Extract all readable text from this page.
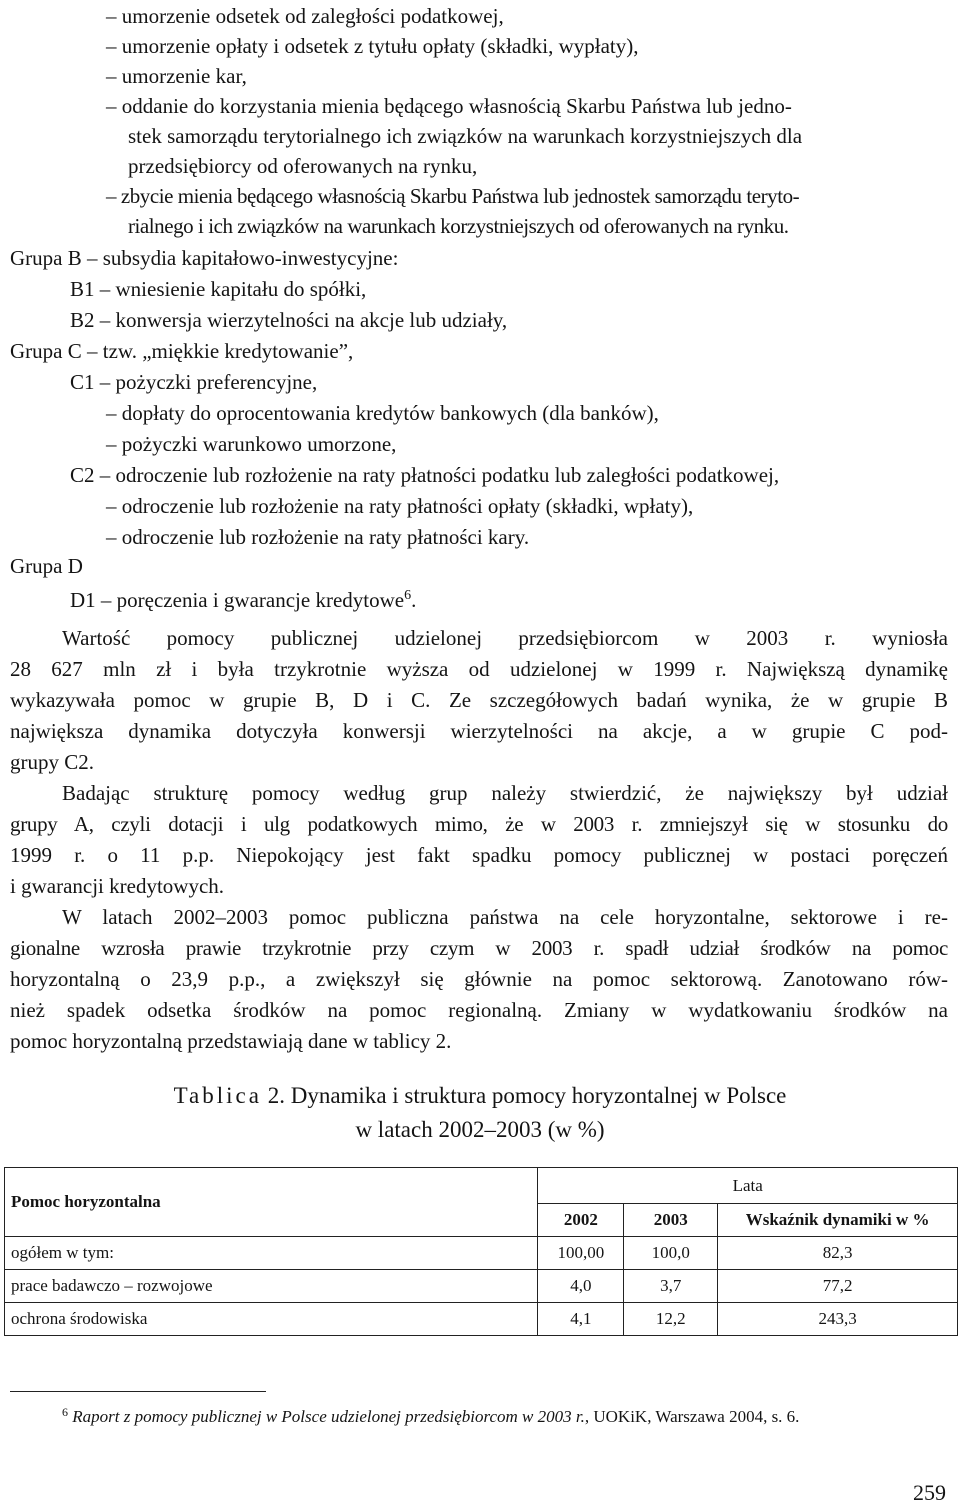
– umorzenie odsetek od zaległości podatkowej,
– umorzenie opłaty i odsetek z tytułu opłaty (składki, wypłaty),
– umorzenie kar,
– oddanie do korzystania mienia będącego własnością Skarbu Państwa lub jedno-
stek samorządu terytorialnego ich związków na warunkach korzystniejszych dla
przedsiębiorcy od oferowanych na rynku,
– zbycie mienia będącego własnością Skarbu Państwa lub jednostek samorządu teryto-
rialnego i ich związków na warunkach korzystniejszych od oferowanych na rynku.
Grupa B – subsydia kapitałowo-inwestycyjne:
B1 – wniesienie kapitału do spółki,
B2 – konwersja wierzytelności na akcje lub udziały,
Grupa C – tzw. „miękkie kredytowanie”,
C1 – pożyczki preferencyjne,
– dopłaty do oprocentowania kredytów bankowych (dla banków),
– pożyczki warunkowo umorzone,
C2 – odroczenie lub rozłożenie na raty płatności podatku lub zaległości podatkowej,
– odroczenie lub rozłożenie na raty płatności opłaty (składki, wpłaty),
– odroczenie lub rozłożenie na raty płatności kary.
Grupa D
D1 – poręczenia i gwarancje kredytowe$^6$.
Wartość pomocy publicznej udzielonej przedsiębiorcom w 2003 r. wyniosła
28 627 mln zł i była trzykrotnie wyższa od udzielonej w 1999 r. Największą dynamikę
wykazywała pomoc w grupie B, D i C. Ze szczegółowych badań wynika, że w grupie B
największa dynamika dotyczyła konwersji wierzytelności na akcje, a w grupie C pod-
grupy C2.
Badając strukturę pomocy według grup należy stwierdzić, że największy był udział
grupy A, czyli dotacji i ulg podatkowych mimo, że w 2003 r. zmniejszył się w stosunku do
1999 r. o 11 p.p. Niepokojący jest fakt spadku pomocy publicznej w postaci poręczeń
i gwarancji kredytowych.
W latach 2002–2003 pomoc publiczna państwa na cele horyzontalne, sektorowe i re-
gionalne wzrosła prawie trzykrotnie przy czym w 2003 r. spadł udział środków na pomoc
horyzontalną o 23,9 p.p., a zwiększył się głównie na pomoc sektorową. Zanotowano rów-
nież spadek odsetka środków na pomoc regionalną. Zmiany w wydatkowaniu środków na
pomoc horyzontalną przedstawiają dane w tablicy 2.
Tablica 2. Dynamika i struktura pomocy horyzontalnej w Polsce
w latach 2002–2003 (w %)
Pomoc horyzontalna	Lata		
	2002	2003	Wskaźnik dynamiki w %
ogółem w tym:	100,00	100,0	82,3
prace badawczo – rozwojowe	4,0	3,7	77,2
ochrona środowiska	4,1	12,2	243,3
$^6$ Raport z pomocy publicznej w Polsce udzielonej przedsiębiorcom w 2003 r., UOKiK, Warszawa 2004, s. 6.
259
